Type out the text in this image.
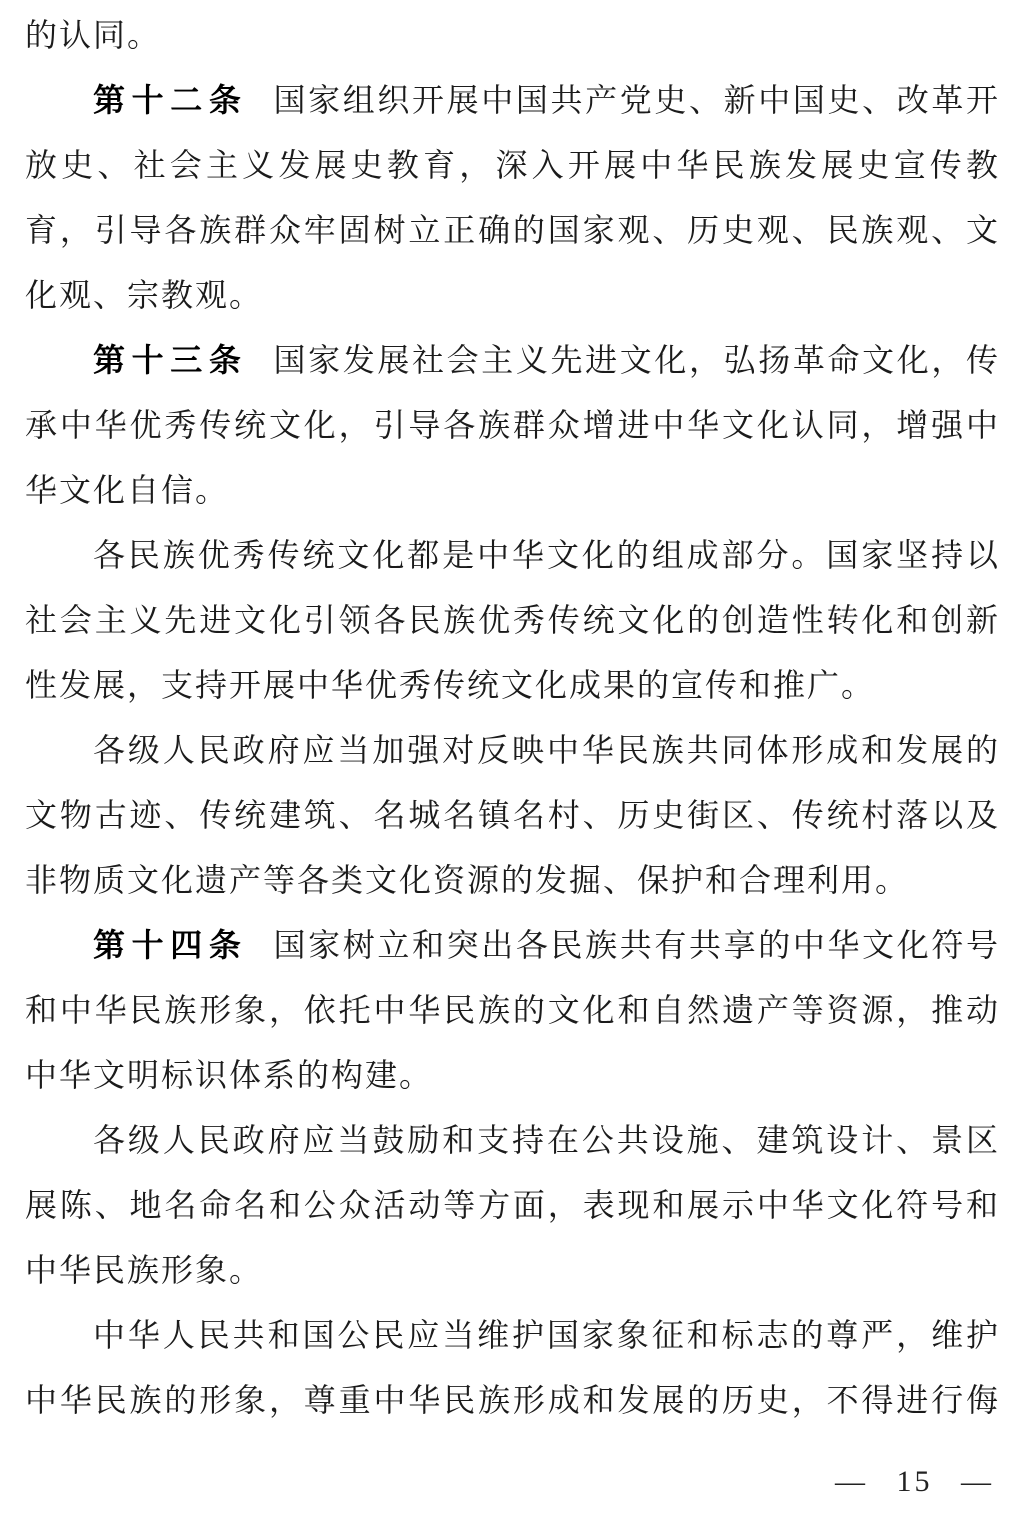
的认同。
第十二条 国家组织开展中国共产党史、新中国史、改革开
放史、社会主义发展史教育，深入开展中华民族发展史宣传教
育，引导各族群众牢固树立正确的国家观、历史观、民族观、文
化观、宗教观。
第十三条 国家发展社会主义先进文化，弘扬革命文化，传
承中华优秀传统文化，引导各族群众增进中华文化认同，增强中
华文化自信。
各民族优秀传统文化都是中华文化的组成部分。国家坚持以
社会主义先进文化引领各民族优秀传统文化的创造性转化和创新
性发展，支持开展中华优秀传统文化成果的宣传和推广。
各级人民政府应当加强对反映中华民族共同体形成和发展的
文物古迹、传统建筑、名城名镇名村、历史街区、传统村落以及
非物质文化遗产等各类文化资源的发掘、保护和合理利用。
第十四条 国家树立和突出各民族共有共享的中华文化符号
和中华民族形象，依托中华民族的文化和自然遗产等资源，推动
中华文明标识体系的构建。
各级人民政府应当鼓励和支持在公共设施、建筑设计、景区
展陈、地名命名和公众活动等方面，表现和展示中华文化符号和
中华民族形象。
中华人民共和国公民应当维护国家象征和标志的尊严，维护
中华民族的形象，尊重中华民族形成和发展的历史，不得进行侮
— 15 —
